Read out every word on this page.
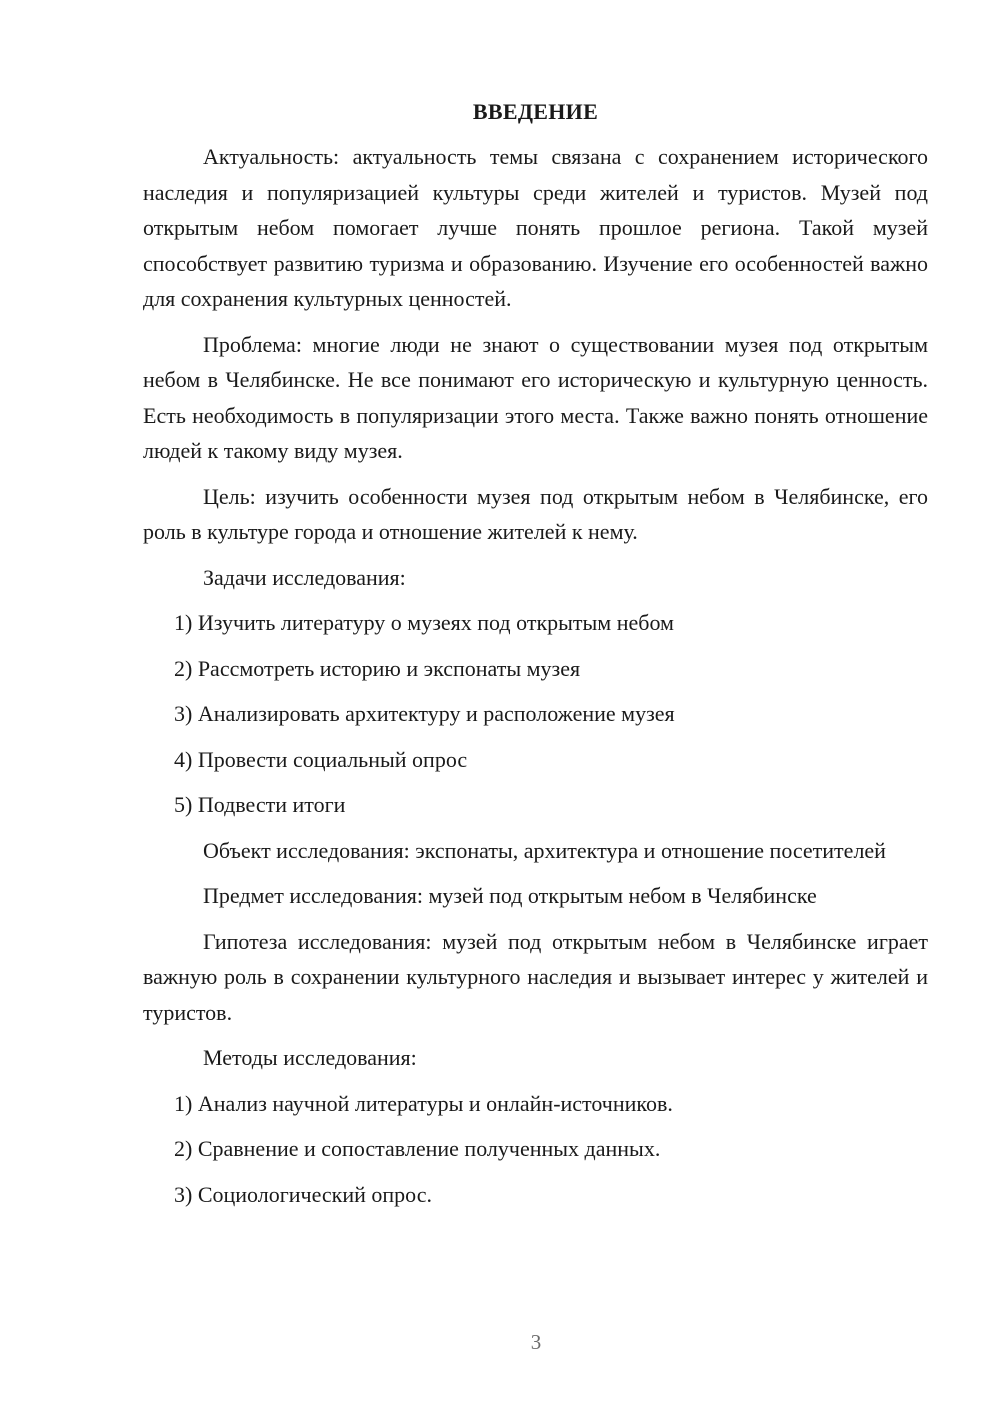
ВВЕДЕНИЕ

Актуальность: актуальность темы связана с сохранением исторического наследия и популяризацией культуры среди жителей и туристов. Музей под открытым небом помогает лучше понять прошлое региона. Такой музей способствует развитию туризма и образованию. Изучение его особенностей важно для сохранения культурных ценностей.

Проблема: многие люди не знают о существовании музея под открытым небом в Челябинске. Не все понимают его историческую и культурную ценность. Есть необходимость в популяризации этого места. Также важно понять отношение людей к такому виду музея.

Цель: изучить особенности музея под открытым небом в Челябинске, его роль в культуре города и отношение жителей к нему.

Задачи исследования:

1) Изучить литературу о музеях под открытым небом

2) Рассмотреть историю и экспонаты музея

3) Анализировать архитектуру и расположение музея

4) Провести социальный опрос

5) Подвести итоги

Объект исследования: экспонаты, архитектура и отношение посетителей

Предмет исследования: музей под открытым небом в Челябинске

Гипотеза исследования: музей под открытым небом в Челябинске играет важную роль в сохранении культурного наследия и вызывает интерес у жителей и туристов.

Методы исследования:

1) Анализ научной литературы и онлайн-источников.

2) Сравнение и сопоставление полученных данных.

3) Социологический опрос.

3
